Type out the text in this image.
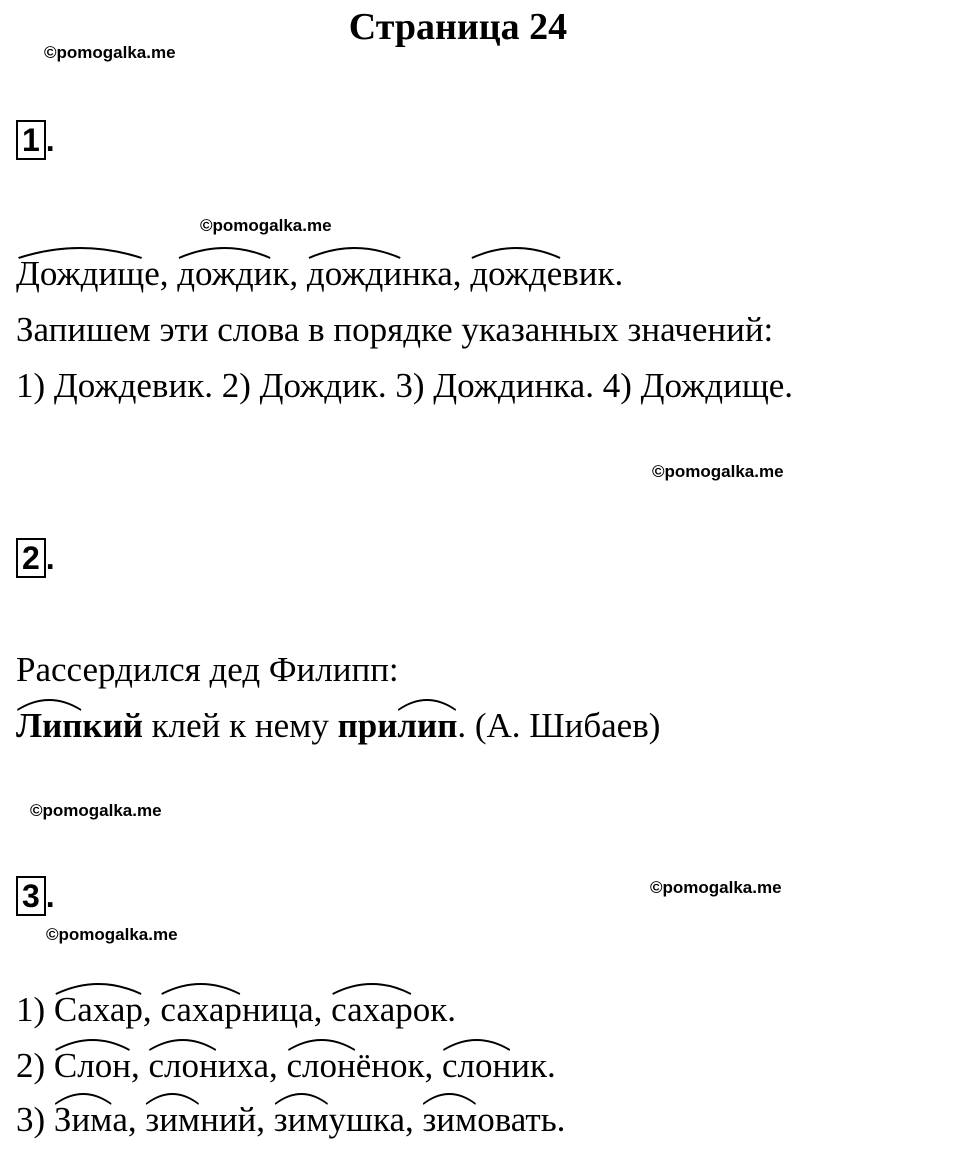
Страница 24
©pomogalka.me
©pomogalka.me
©pomogalka.me
©pomogalka.me
©pomogalka.me
©pomogalka.me
1 .
Дождище, дождик, дождинка, дождевик.
Запишем эти слова в порядке указанных значений:
1) Дождевик. 2) Дождик. 3) Дождинка. 4) Дождище.
2 .
Рассердился дед Филипп:
Липкий клей к нему при
лип. (А. Шибаев)
3 .
1)
Сахар, сахарница, сахарок.
2)
Слон, слониха, слонёнок, слоник.
3)
Зима, зимний, зимушка, зимовать.
